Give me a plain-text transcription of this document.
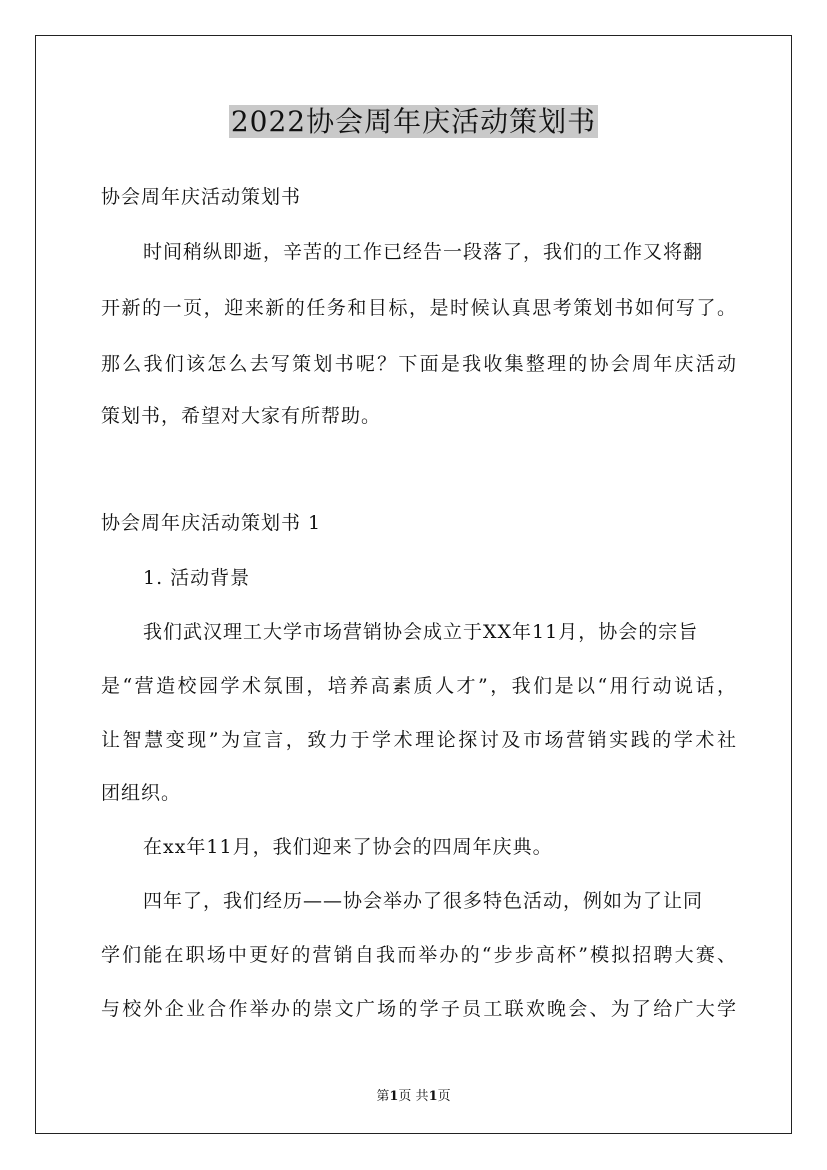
2022协会周年庆活动策划书
协会周年庆活动策划书
时间稍纵即逝，辛苦的工作已经告一段落了，我们的工作又将翻
开新的一页，迎来新的任务和目标，是时候认真思考策划书如何写了。
那么我们该怎么去写策划书呢？下面是我收集整理的协会周年庆活动
策划书，希望对大家有所帮助。
协会周年庆活动策划书 1
1. 活动背景
我们武汉理工大学市场营销协会成立于XX年11月，协会的宗旨
是“营造校园学术氛围，培养高素质人才”，我们是以“用行动说话，
让智慧变现”为宣言，致力于学术理论探讨及市场营销实践的学术社
团组织。
在xx年11月，我们迎来了协会的四周年庆典。
四年了，我们经历——协会举办了很多特色活动，例如为了让同
学们能在职场中更好的营销自我而举办的“步步高杯”模拟招聘大赛、
与校外企业合作举办的崇文广场的学子员工联欢晚会、为了给广大学
第1页 共1页
